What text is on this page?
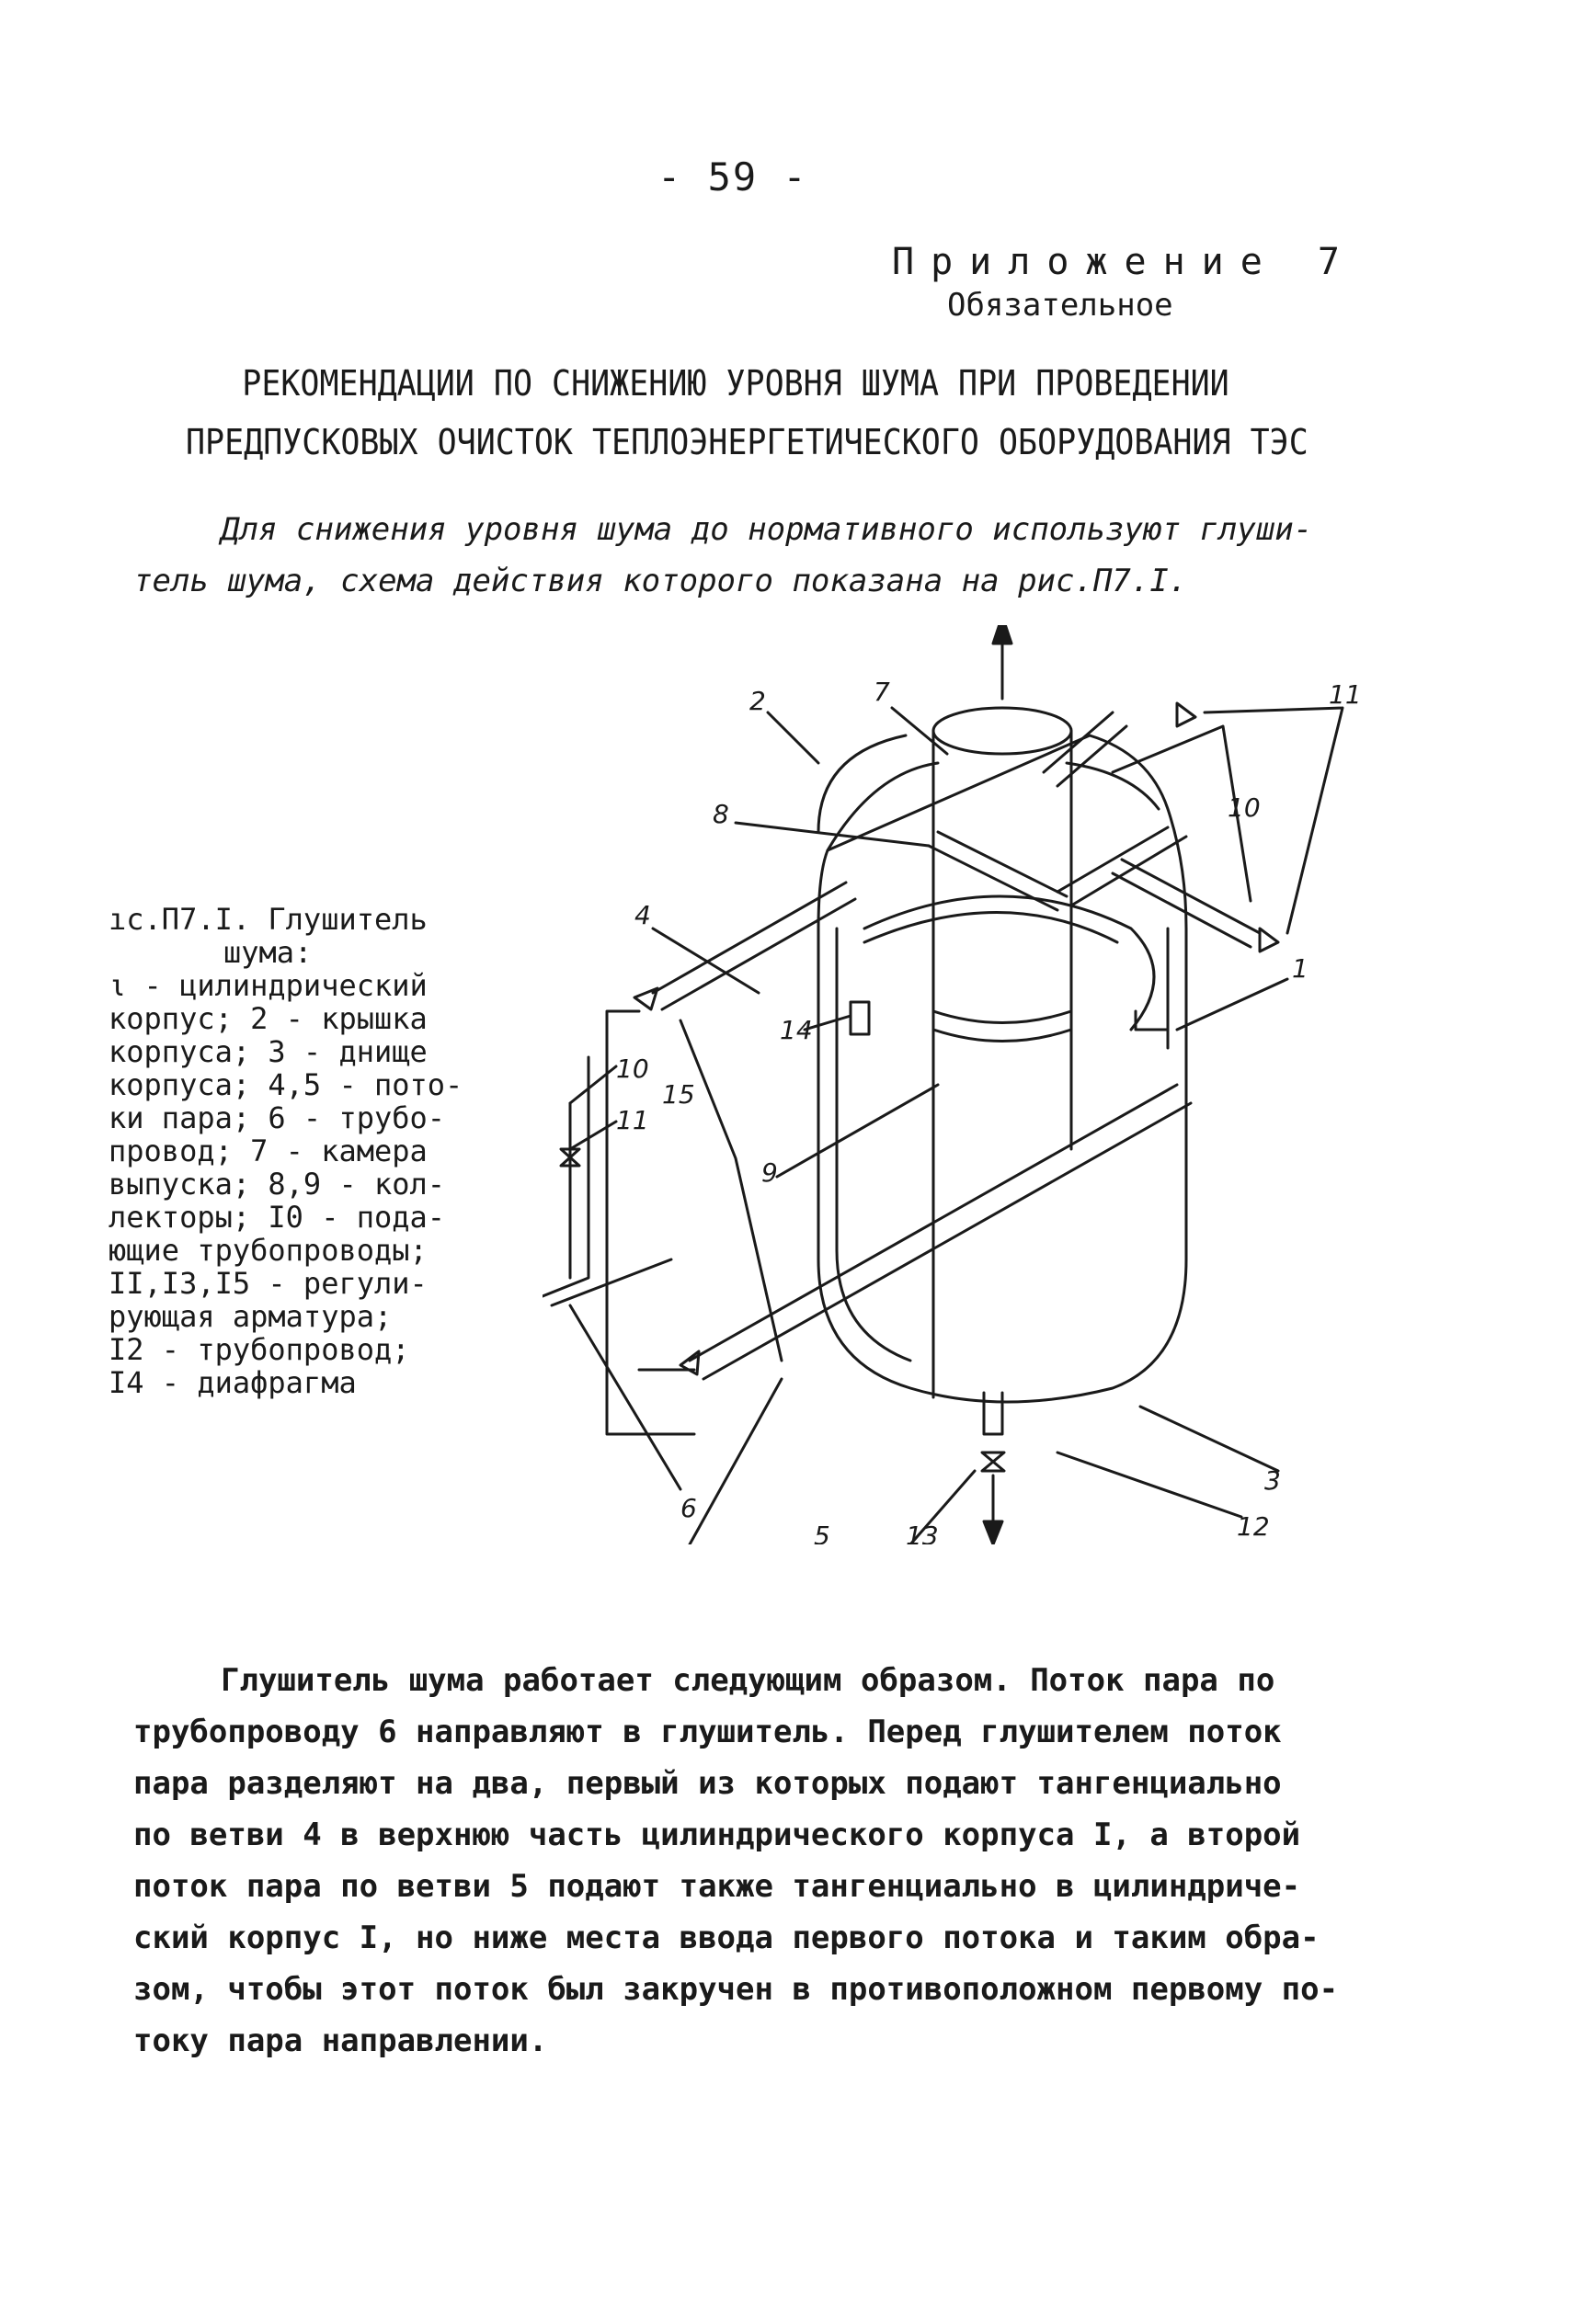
- 59 -
Приложение 7
Обязательное
РЕКОМЕНДАЦИИ ПО СНИЖЕНИЮ УРОВНЯ ШУМА ПРИ ПРОВЕДЕНИИ
ПРЕДПУСКОВЫХ ОЧИСТОК ТЕПЛОЭНЕРГЕТИЧЕСКОГО ОБОРУДОВАНИЯ ТЭС
Для снижения уровня шума до нормативного используют глуши-
тель шума, схема действия которого показана на рис.П7.I.
7
2
8
4
10
11
1
14
15
9
3
12
13
5
10
11
6
ıс.П7.I. Глушитель
шума:
ι - цилиндрический
корпус; 2 - крышка
корпуса; 3 - днище
корпуса; 4,5 - пото-
ки пара; 6 - трубо-
провод; 7 - камера
выпуска; 8,9 - кол-
лекторы; I0 - пода-
ющие трубопроводы;
II,I3,I5 - регули-
рующая арматура;
I2 - трубопровод;
I4 - диафрагма
Глушитель шума работает следующим образом. Поток пара по
трубопроводу 6 направляют в глушитель. Перед глушителем поток
пара разделяют на два, первый из которых подают тангенциально
по ветви 4 в верхнюю часть цилиндрического корпуса I, а второй
поток пара по ветви 5 подают также тангенциально в цилиндриче-
ский корпус I, но ниже места ввода первого потока и таким обра-
зом, чтобы этот поток был закручен в противоположном первому по-
току пара направлении.
